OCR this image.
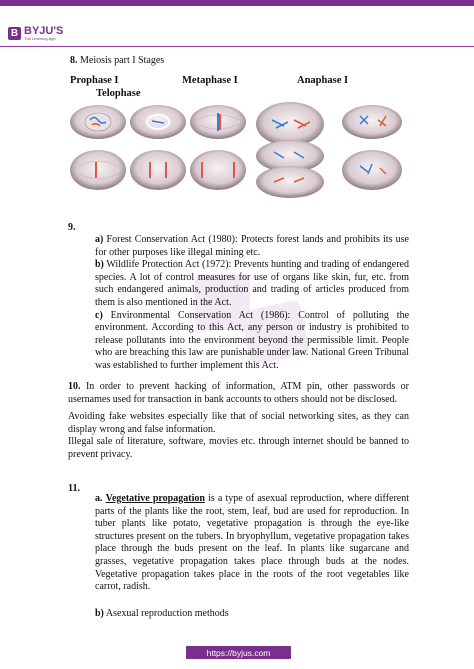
B BYJU'S
The Learning App

8. Meiosis part I Stages

Prophase I	Metaphase I	Anaphase I
Telophase

9.

a) Forest Conservation Act (1980): Protects forest lands and prohibits its use for other purposes like illegal mining etc.

b) Wildlife Protection Act (1972): Prevents hunting and trading of endangered species. A lot of control measures for use of organs like skin, fur, etc. from such endangered animals, production and trading of articles produced from them is also mentioned in the Act.

c) Environmental Conservation Act (1986): Control of polluting the environment. According to this Act, any person or industry is prohibited to release pollutants into the environment beyond the permissible limit. People who are breaching this law are punishable under law. National Green Tribunal was established to further implement this Act.

10. In order to prevent hacking of information, ATM pin, other passwords or usernames used for transaction in bank accounts to others should not be disclosed.

Avoiding fake websites especially like that of social networking sites, as they can display wrong and false information.

Illegal sale of literature, software, movies etc. through internet should be banned to prevent privacy.

11.

a. Vegetative propagation is a type of asexual reproduction, where different parts of the plants like the root, stem, leaf, bud are used for reproduction. In tuber plants like potato, vegetative propagation is through the eye-like structures present on the tubers. In bryophyllum, vegetative propagation takes place through the buds present on the leaf. In plants like sugarcane and grasses, vegetative propagation takes place through buds at the nodes. Vegetative propagation takes place in the roots of the root vegetables like carrot, radish.

b) Asexual reproduction methods

https://byjus.com
